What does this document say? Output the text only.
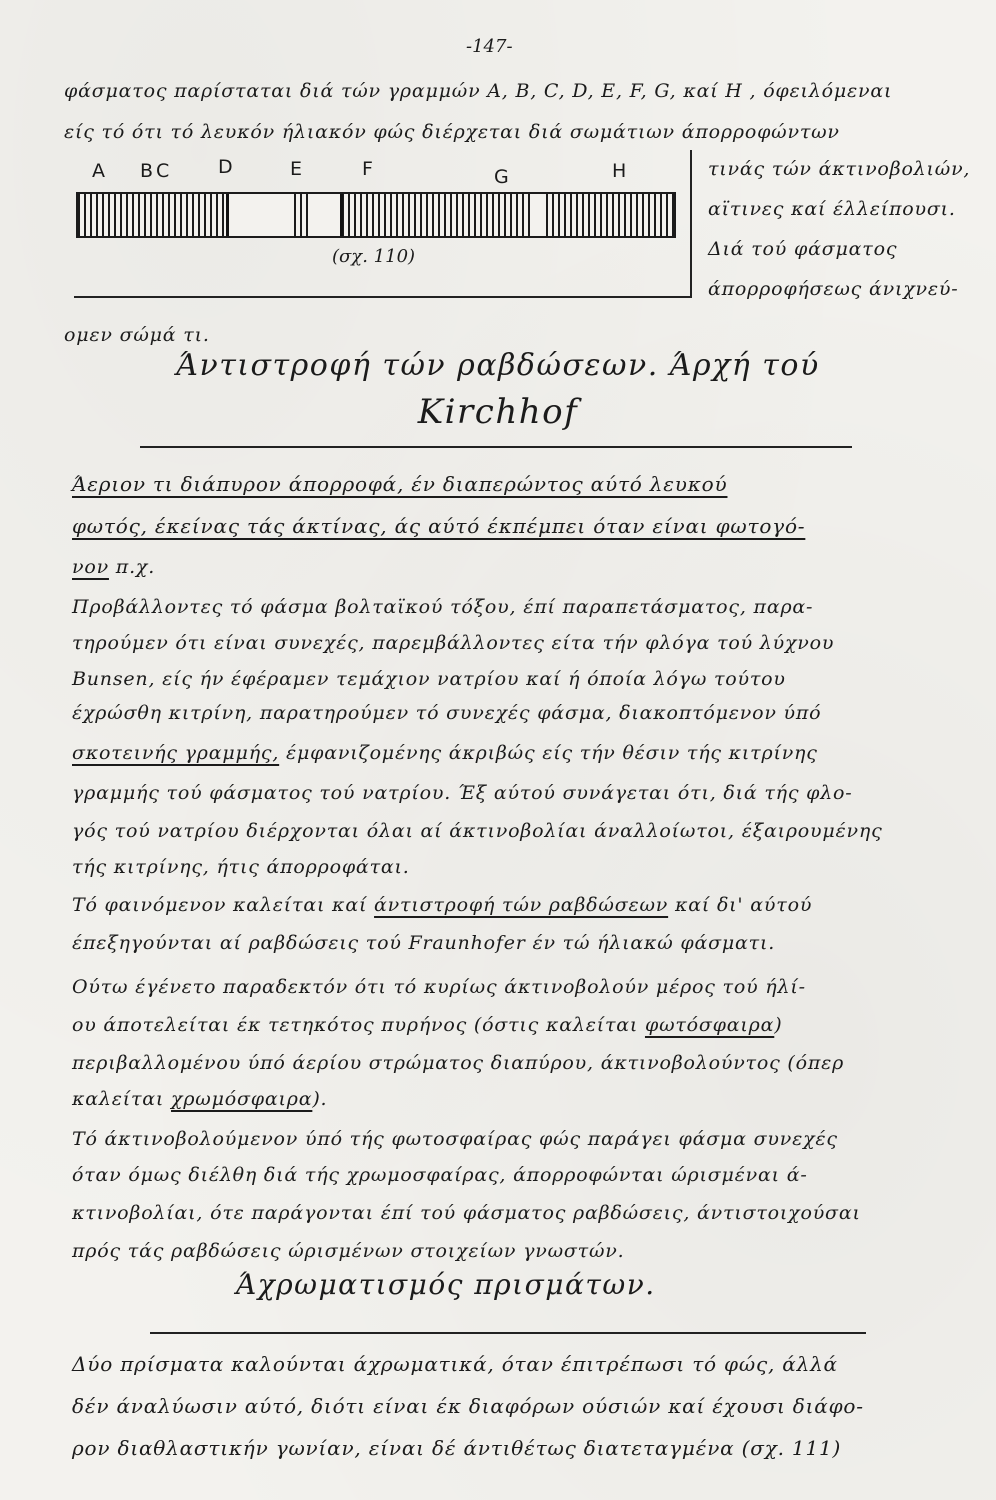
-147-
φάσματος παρίσταται διά τών γραμμών A, B, C, D, E, F, G, καί H , όφειλόμεναι
είς τό ότι τό λευκόν ήλιακόν φώς διέρχεται διά σωμάτιων άπορροφώντων
A B C	D	E	F	G	H
(σχ. 110)
τινάς τών άκτινοβολιών,
αϊτινες καί έλλείπουσι.
Διά τού φάσματος
άπορροφήσεως άνιχνεύ-
ομεν σώμά τι.
Άντιστροφή τών ραβδώσεων. Άρχή τού
Kirchhof
Άεριον τι διάπυρον άπορροφά, έν διαπερώντος αύτό λευκού
φωτός, έκείνας τάς άκτίνας, άς αύτό έκπέμπει όταν είναι φωτογό-
νον π.χ.
Προβάλλοντες τό φάσμα βολταϊκού τόξου, έπί παραπετάσματος, παρα-
τηρούμεν ότι είναι συνεχές, παρεμβάλλοντες είτα τήν φλόγα τού λύχνου
Bunsen, είς ήν έφέραμεν τεμάχιον νατρίου καί ή όποία λόγω τούτου
έχρώσθη κιτρίνη, παρατηρούμεν τό συνεχές φάσμα, διακοπτόμενον ύπό
σκοτεινής γραμμής, έμφανιζομένης άκριβώς είς τήν θέσιν τής κιτρίνης
γραμμής τού φάσματος τού νατρίου. Έξ αύτού συνάγεται ότι, διά τής φλο-
γός τού νατρίου διέρχονται όλαι αί άκτινοβολίαι άναλλοίωτοι, έξαιρουμένης
τής κιτρίνης, ήτις άπορροφάται.
Τό φαινόμενον καλείται καί άντιστροφή τών ραβδώσεων καί δι' αύτού
έπεξηγούνται αί ραβδώσεις τού Fraunhofer έν τώ ήλιακώ φάσματι.
Ούτω έγένετο παραδεκτόν ότι τό κυρίως άκτινοβολούν μέρος τού ήλί-
ου άποτελείται έκ τετηκότος πυρήνος (όστις καλείται φωτόσφαιρα)
περιβαλλομένου ύπό άερίου στρώματος διαπύρου, άκτινοβολούντος (όπερ
καλείται χρωμόσφαιρα).
Τό άκτινοβολούμενον ύπό τής φωτοσφαίρας φώς παράγει φάσμα συνεχές
όταν όμως διέλθη διά τής χρωμοσφαίρας, άπορροφώνται ώρισμέναι ά-
κτινοβολίαι, ότε παράγονται έπί τού φάσματος ραβδώσεις, άντιστοιχούσαι
πρός τάς ραβδώσεις ώρισμένων στοιχείων γνωστών.
Άχρωματισμός πρισμάτων.
Δύο πρίσματα καλούνται άχρωματικά, όταν έπιτρέπωσι τό φώς, άλλά
δέν άναλύωσιν αύτό, διότι είναι έκ διαφόρων ούσιών καί έχουσι διάφο-
ρον διαθλαστικήν γωνίαν, είναι δέ άντιθέτως διατεταγμένα (σχ. 111)
